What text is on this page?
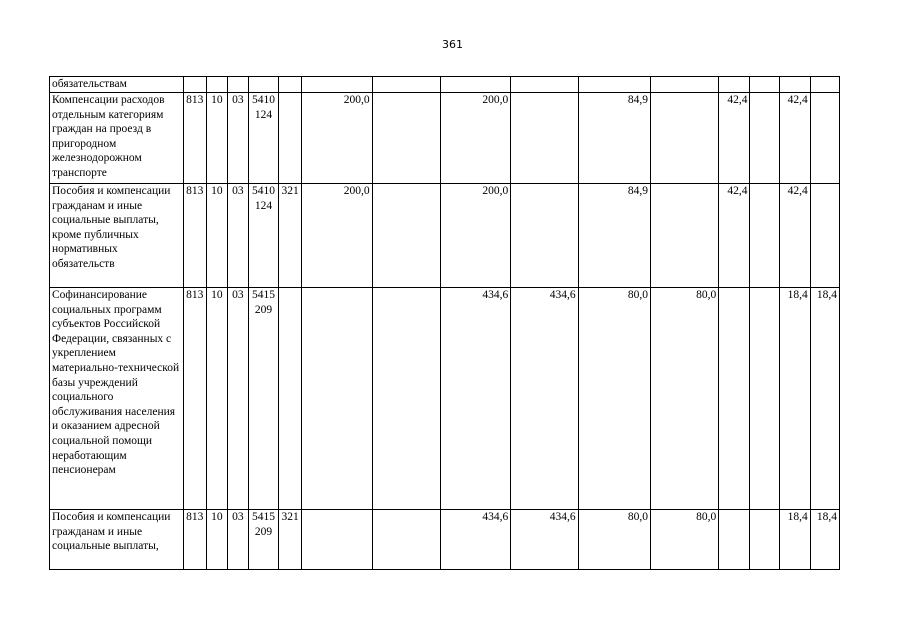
361
обязательствам															
Компенсации расходов отдельным категориям граждан на проезд в пригородном железнодорожном транспорте	813	10	03	5410 124		200,0		200,0		84,9		42,4		42,4	
Пособия и компенсации гражданам и иные социальные выплаты, кроме публичных нормативных обязательств	813	10	03	5410 124	321	200,0		200,0		84,9		42,4		42,4	
Софинансирование социальных программ субъектов Российской Федерации, связанных с укреплением материально-технической базы учреждений социального обслуживания населения и оказанием адресной социальной помощи неработающим пенсионерам	813	10	03	5415 209				434,6	434,6	80,0	80,0			18,4	18,4
Пособия и компенсации гражданам и иные социальные выплаты,	813	10	03	5415 209	321			434,6	434,6	80,0	80,0			18,4	18,4
